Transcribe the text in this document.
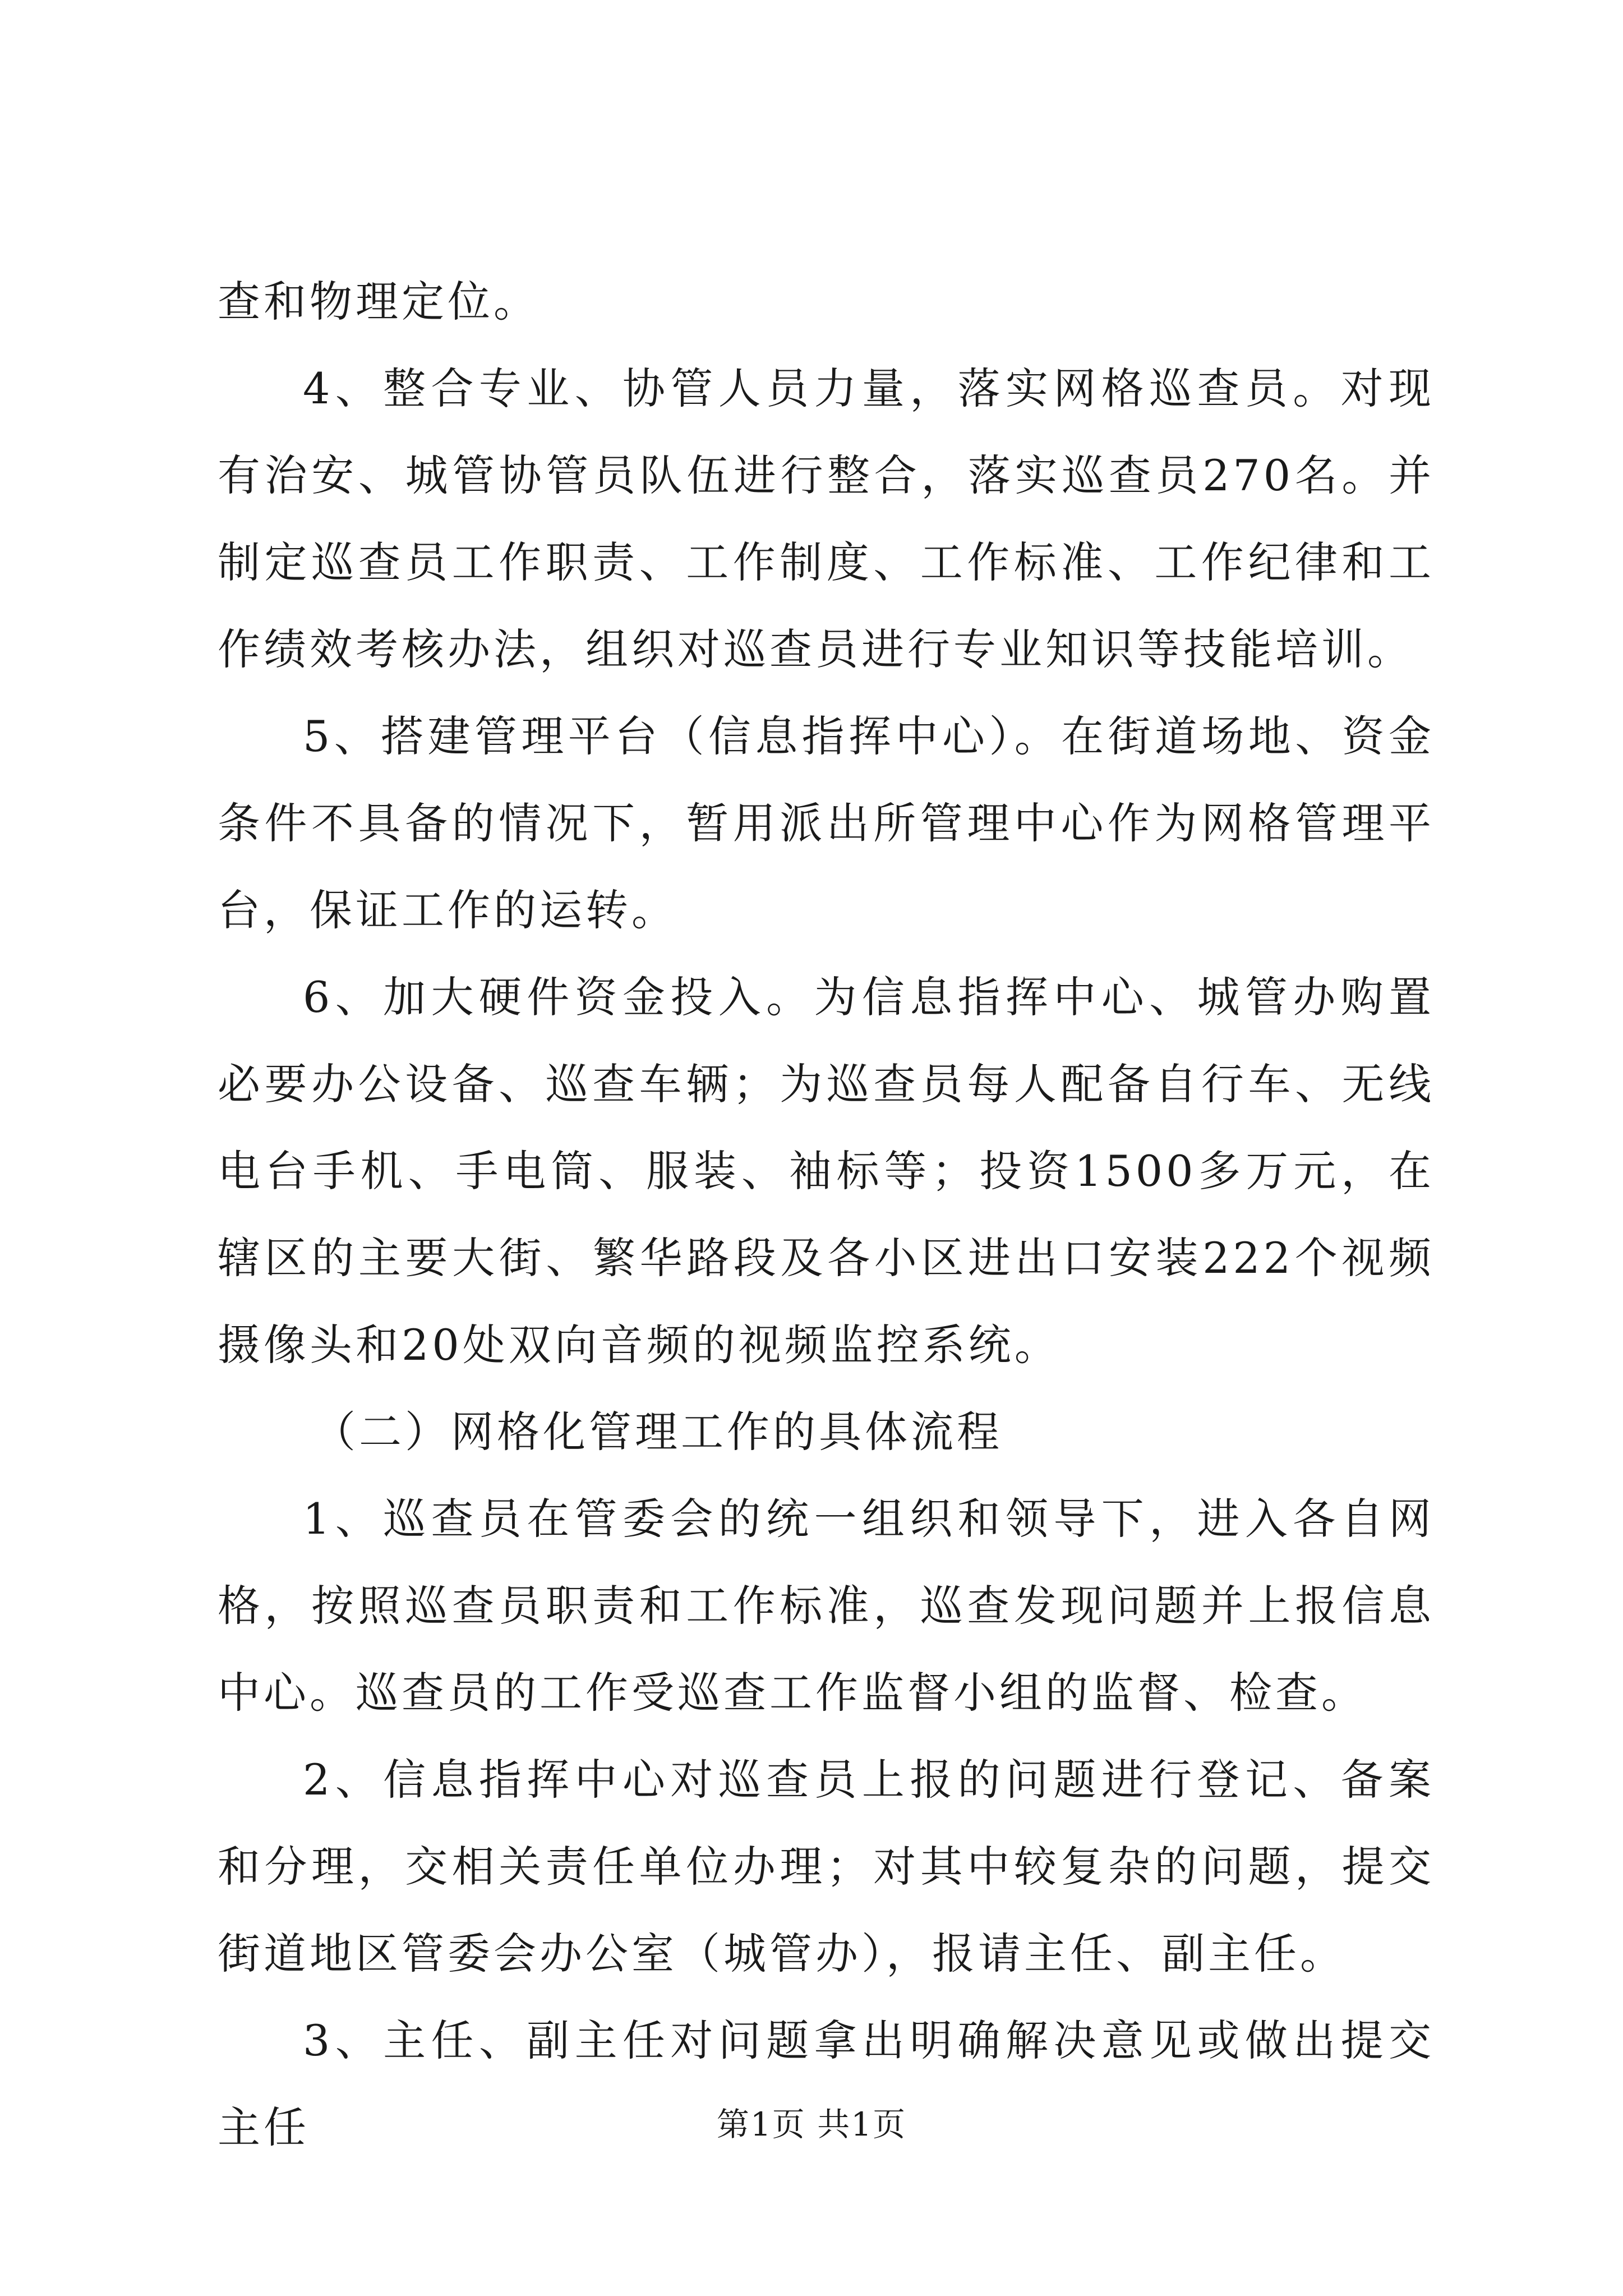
查和物理定位。

4、整合专业、协管人员力量，落实网格巡查员。对现有治安、城管协管员队伍进行整合，落实巡查员270名。并制定巡查员工作职责、工作制度、工作标准、工作纪律和工作绩效考核办法，组织对巡查员进行专业知识等技能培训。

5、搭建管理平台（信息指挥中心）。在街道场地、资金条件不具备的情况下，暂用派出所管理中心作为网格管理平台，保证工作的运转。

6、加大硬件资金投入。为信息指挥中心、城管办购置必要办公设备、巡查车辆；为巡查员每人配备自行车、无线电台手机、手电筒、服装、袖标等；投资1500多万元，在辖区的主要大街、繁华路段及各小区进出口安装222个视频摄像头和20处双向音频的视频监控系统。

（二）网格化管理工作的具体流程

1、巡查员在管委会的统一组织和领导下，进入各自网格，按照巡查员职责和工作标准，巡查发现问题并上报信息中心。巡查员的工作受巡查工作监督小组的监督、检查。

2、信息指挥中心对巡查员上报的问题进行登记、备案和分理，交相关责任单位办理；对其中较复杂的问题，提交街道地区管委会办公室（城管办），报请主任、副主任。

3、主任、副主任对问题拿出明确解决意见或做出提交主任	第1页 共1页
